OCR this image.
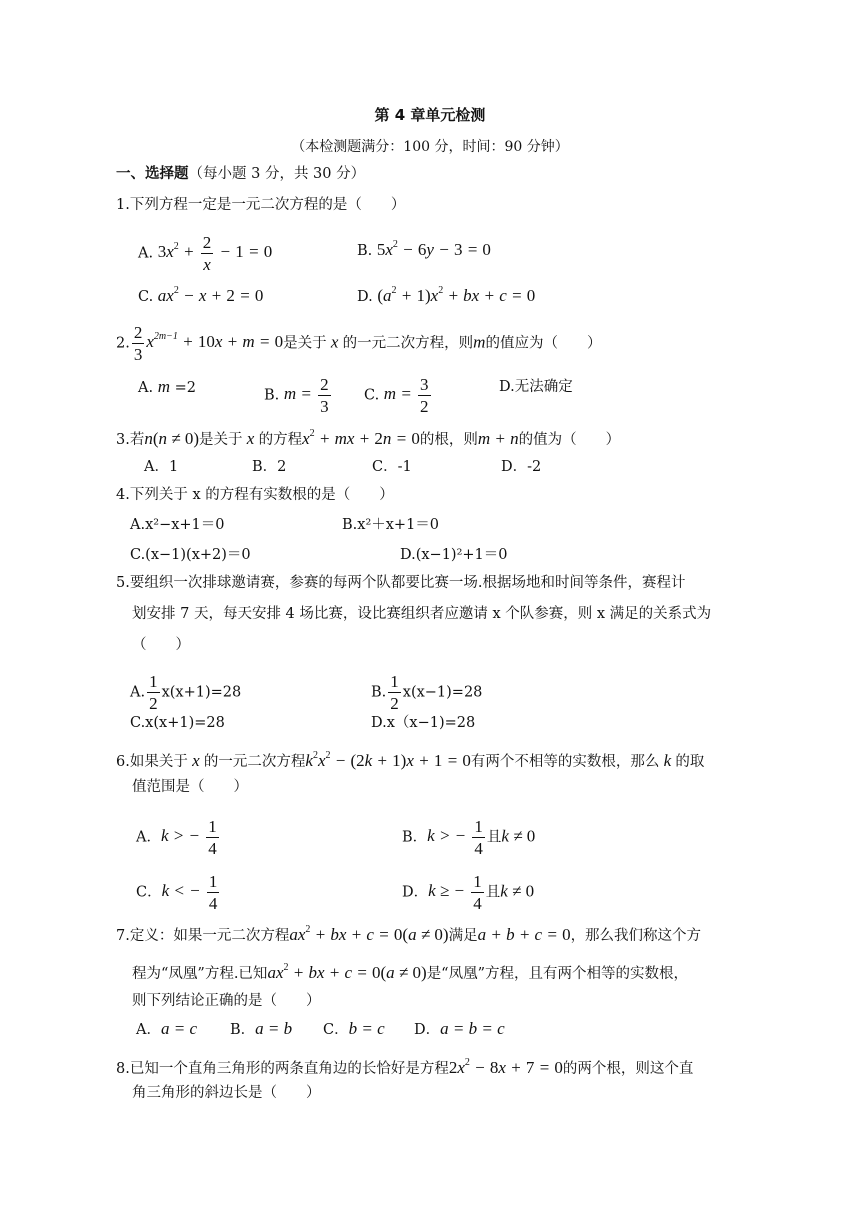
第 4 章单元检测
（本检测题满分：100 分，时间：90 分钟）
一、选择题（每小题 3 分，共 30 分）
1.下列方程一定是一元二次方程的是（　　）
A. $3x^2 + \frac{2}{x} - 1 = 0$	B. $5x^2 - 6y - 3 = 0$
C. $ax^2 - x + 2 = 0$	D. $(a^2 + 1)x^2$ + bx + c = 0
2. $\frac{2}{3} x^{2m-1} + 10x + m = 0$是关于 x 的一元二次方程，则m的值应为（　　）
A. m =2	B. $m = \frac{2}{3} C$. $m = \frac{3}{2}$	D.无法确定
3.若n(n ≠ 0)是关于 x 的方程$x^2$ + mx + 2n = 0的根，则m + n的值为（　　）
A．1	B．2	C．-1	D．-2
4.下列关于 x 的方程有实数根的是（　　）
A.x²−x+1＝0	B.x²＋x+1＝0
C.(x−1)(x+2)＝0	D.(x−1)²+1＝0
5.要组织一次排球邀请赛，参赛的每两个队都要比赛一场.根据场地和时间等条件，赛程计
划安排 7 天，每天安排 4 场比赛，设比赛组织者应邀请 x 个队参赛，则 x 满足的关系式为
（　　）
A. $\frac{1}{2} x(x+1)=28$	B. $\frac{1}{2} x(x-1)=28$
C.x(x+1)=28	D.x（x−1)=28
6.如果关于 x 的一元二次方程$k^2x^2 - (2k + 1)x + 1 = 0$有两个不相等的实数根，那么 k 的取
值范围是（　　）
A．k > − $\frac{1}{4}$	B．k > − $\frac{1}{4}$ 且k ≠ 0
C．k < − $\frac{1}{4}$	D．k ≥ − $\frac{1}{4}$ 且k ≠ 0
7.定义：如果一元二次方程$ax^2$ + bx + c = 0(a ≠ 0)满足a + b + c = 0，那么我们称这个方
程为“凤凰”方程.已知$ax^2$ + bx + c = 0(a ≠ 0)是“凤凰”方程，且有两个相等的实数根，
则下列结论正确的是（　　）
A．a = c B．a = b C．b = c D．a = b = c
8.已知一个直角三角形的两条直角边的长恰好是方程$2x^2 - 8x + 7 = 0$的两个根，则这个直
角三角形的斜边长是（　　）
